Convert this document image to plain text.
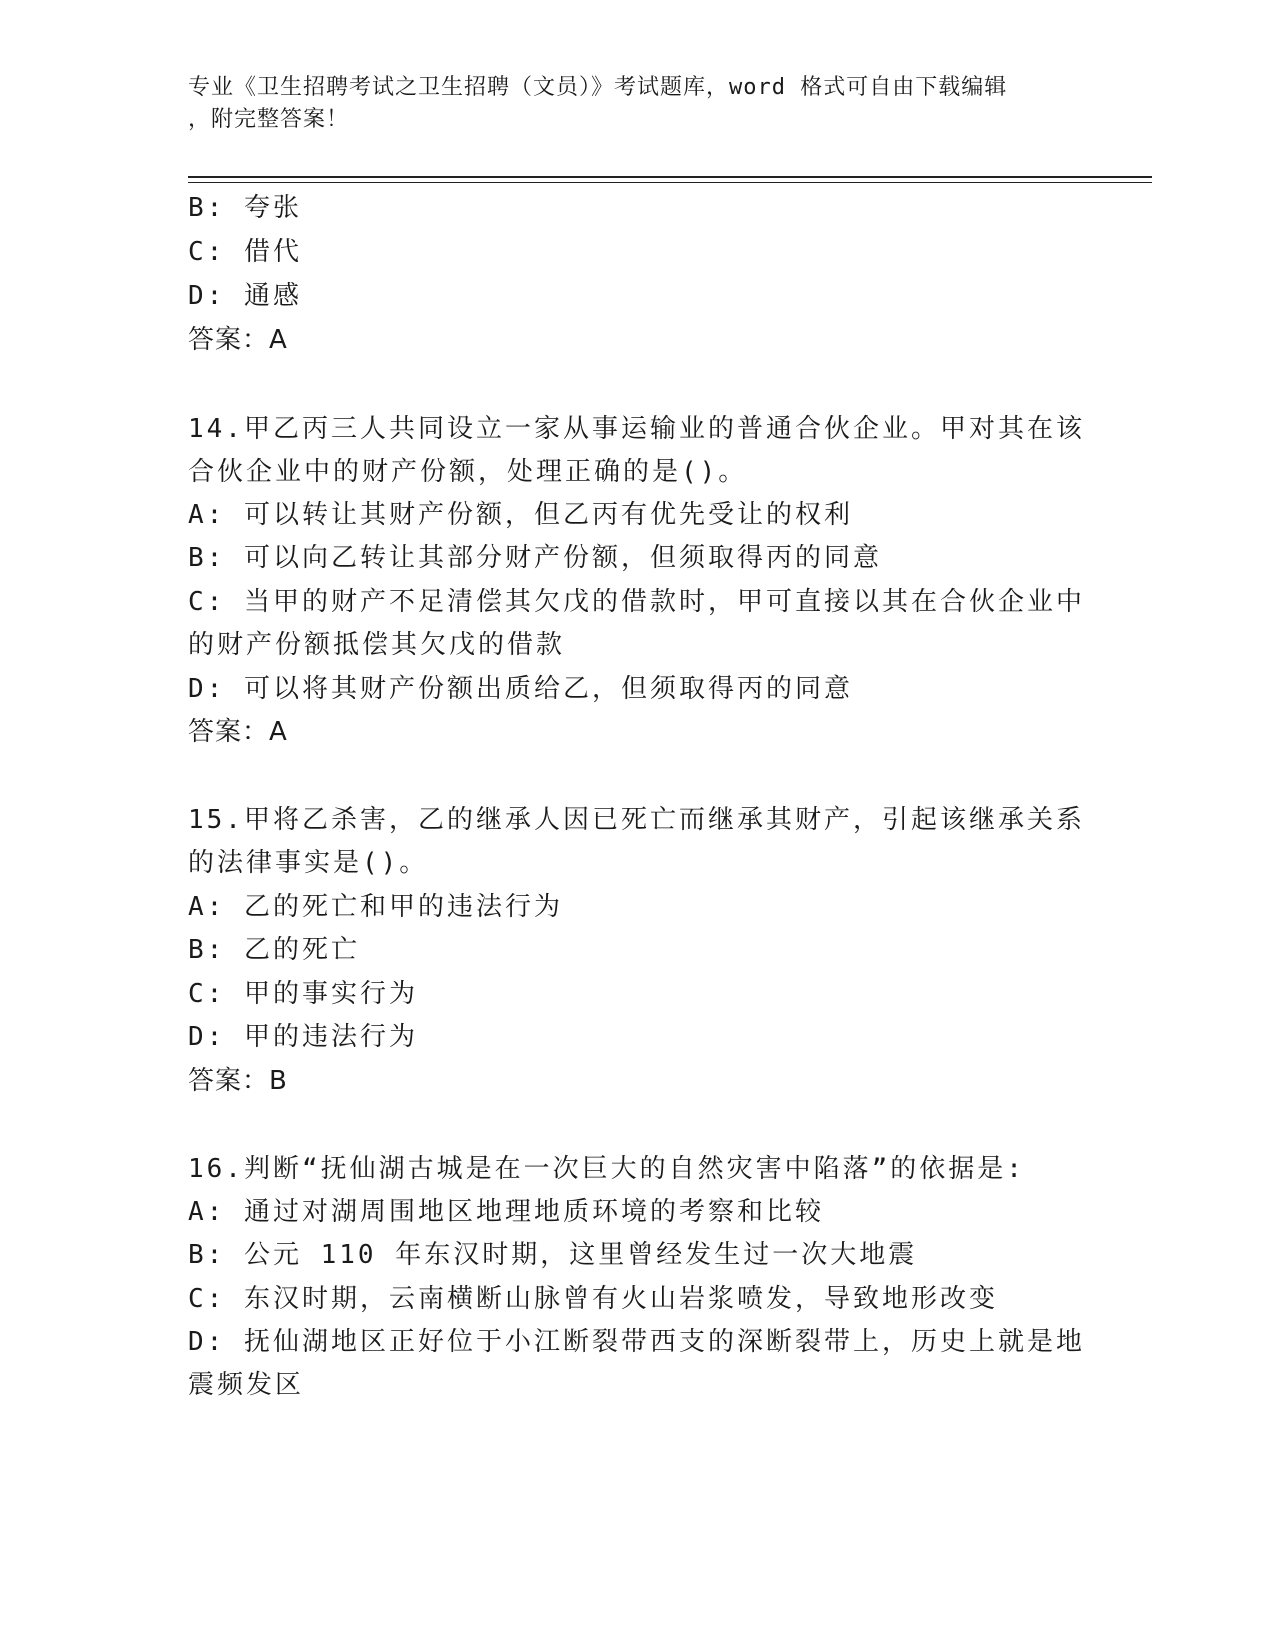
专业《卫生招聘考试之卫生招聘（文员）》考试题库，word 格式可自由下载编辑
，附完整答案！
B: 夸张
C: 借代
D: 通感
答案：A
14.甲乙丙三人共同设立一家从事运输业的普通合伙企业。甲对其在该
合伙企业中的财产份额，处理正确的是()。
A: 可以转让其财产份额，但乙丙有优先受让的权利
B: 可以向乙转让其部分财产份额，但须取得丙的同意
C: 当甲的财产不足清偿其欠戊的借款时，甲可直接以其在合伙企业中
的财产份额抵偿其欠戊的借款
D: 可以将其财产份额出质给乙，但须取得丙的同意
答案：A
15.甲将乙杀害，乙的继承人因已死亡而继承其财产，引起该继承关系
的法律事实是()。
A: 乙的死亡和甲的违法行为
B: 乙的死亡
C: 甲的事实行为
D: 甲的违法行为
答案：B
16.判断“抚仙湖古城是在一次巨大的自然灾害中陷落”的依据是:
A: 通过对湖周围地区地理地质环境的考察和比较
B: 公元 110 年东汉时期，这里曾经发生过一次大地震
C: 东汉时期，云南横断山脉曾有火山岩浆喷发，导致地形改变
D: 抚仙湖地区正好位于小江断裂带西支的深断裂带上，历史上就是地
震频发区
